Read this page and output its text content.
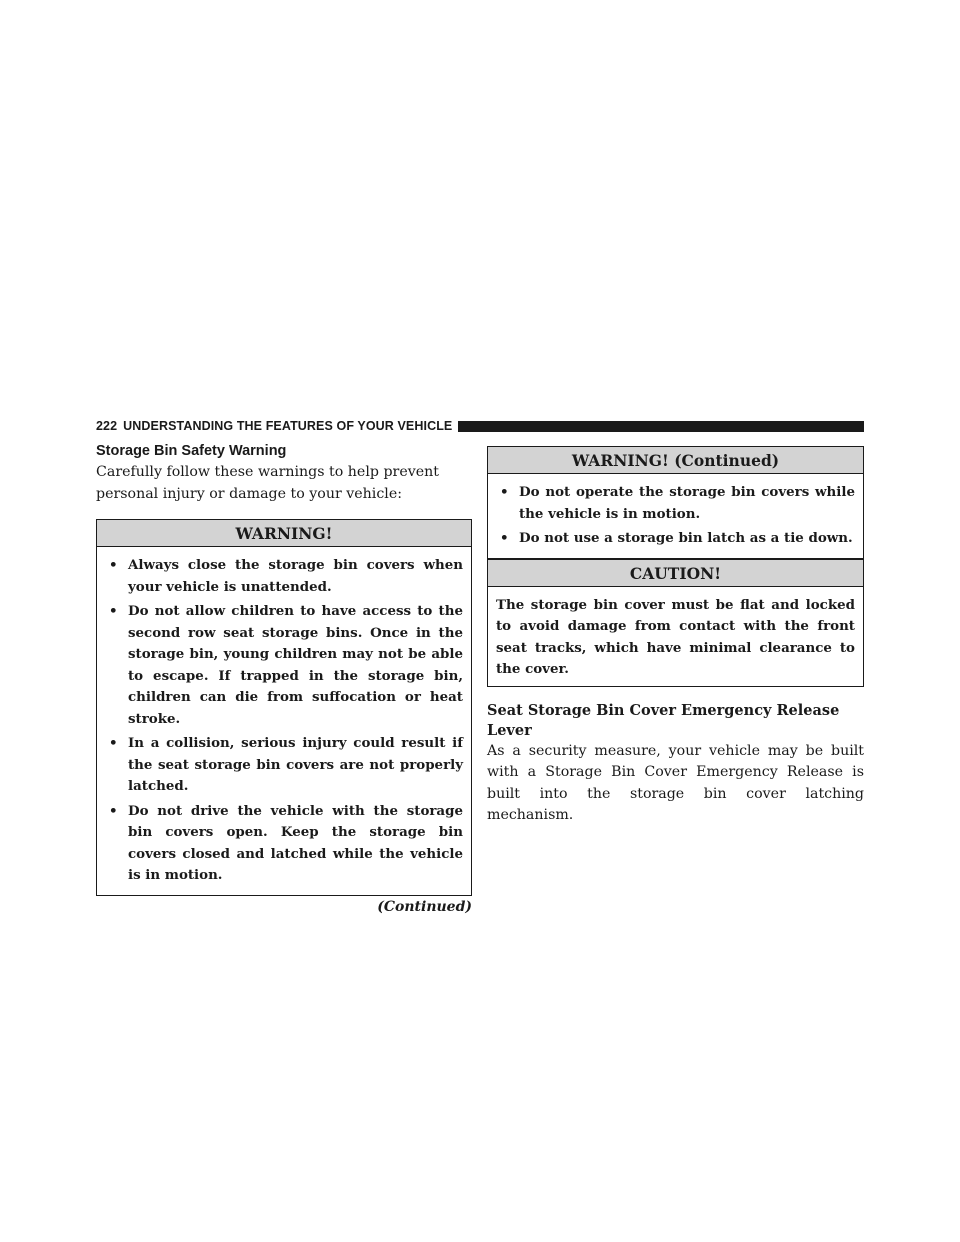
222 UNDERSTANDING THE FEATURES OF YOUR VEHICLE
Storage Bin Safety Warning

Carefully follow these warnings to help prevent personal injury or damage to your vehicle:

WARNING!
• Always close the storage bin covers when your vehicle is unattended.
• Do not allow children to have access to the second row seat storage bins. Once in the storage bin, young children may not be able to escape. If trapped in the storage bin, children can die from suffocation or heat stroke.
• In a collision, serious injury could result if the seat storage bin covers are not properly latched.
• Do not drive the vehicle with the storage bin covers open. Keep the storage bin covers closed and latched while the vehicle is in motion.
(Continued)
WARNING! (Continued)
• Do not operate the storage bin covers while the vehicle is in motion.
• Do not use a storage bin latch as a tie down.
CAUTION!

The storage bin cover must be flat and locked to avoid damage from contact with the front seat tracks, which have minimal clearance to the cover.

Seat Storage Bin Cover Emergency Release Lever

As a security measure, your vehicle may be built with a Storage Bin Cover Emergency Release is built into the storage bin cover latching mechanism.
